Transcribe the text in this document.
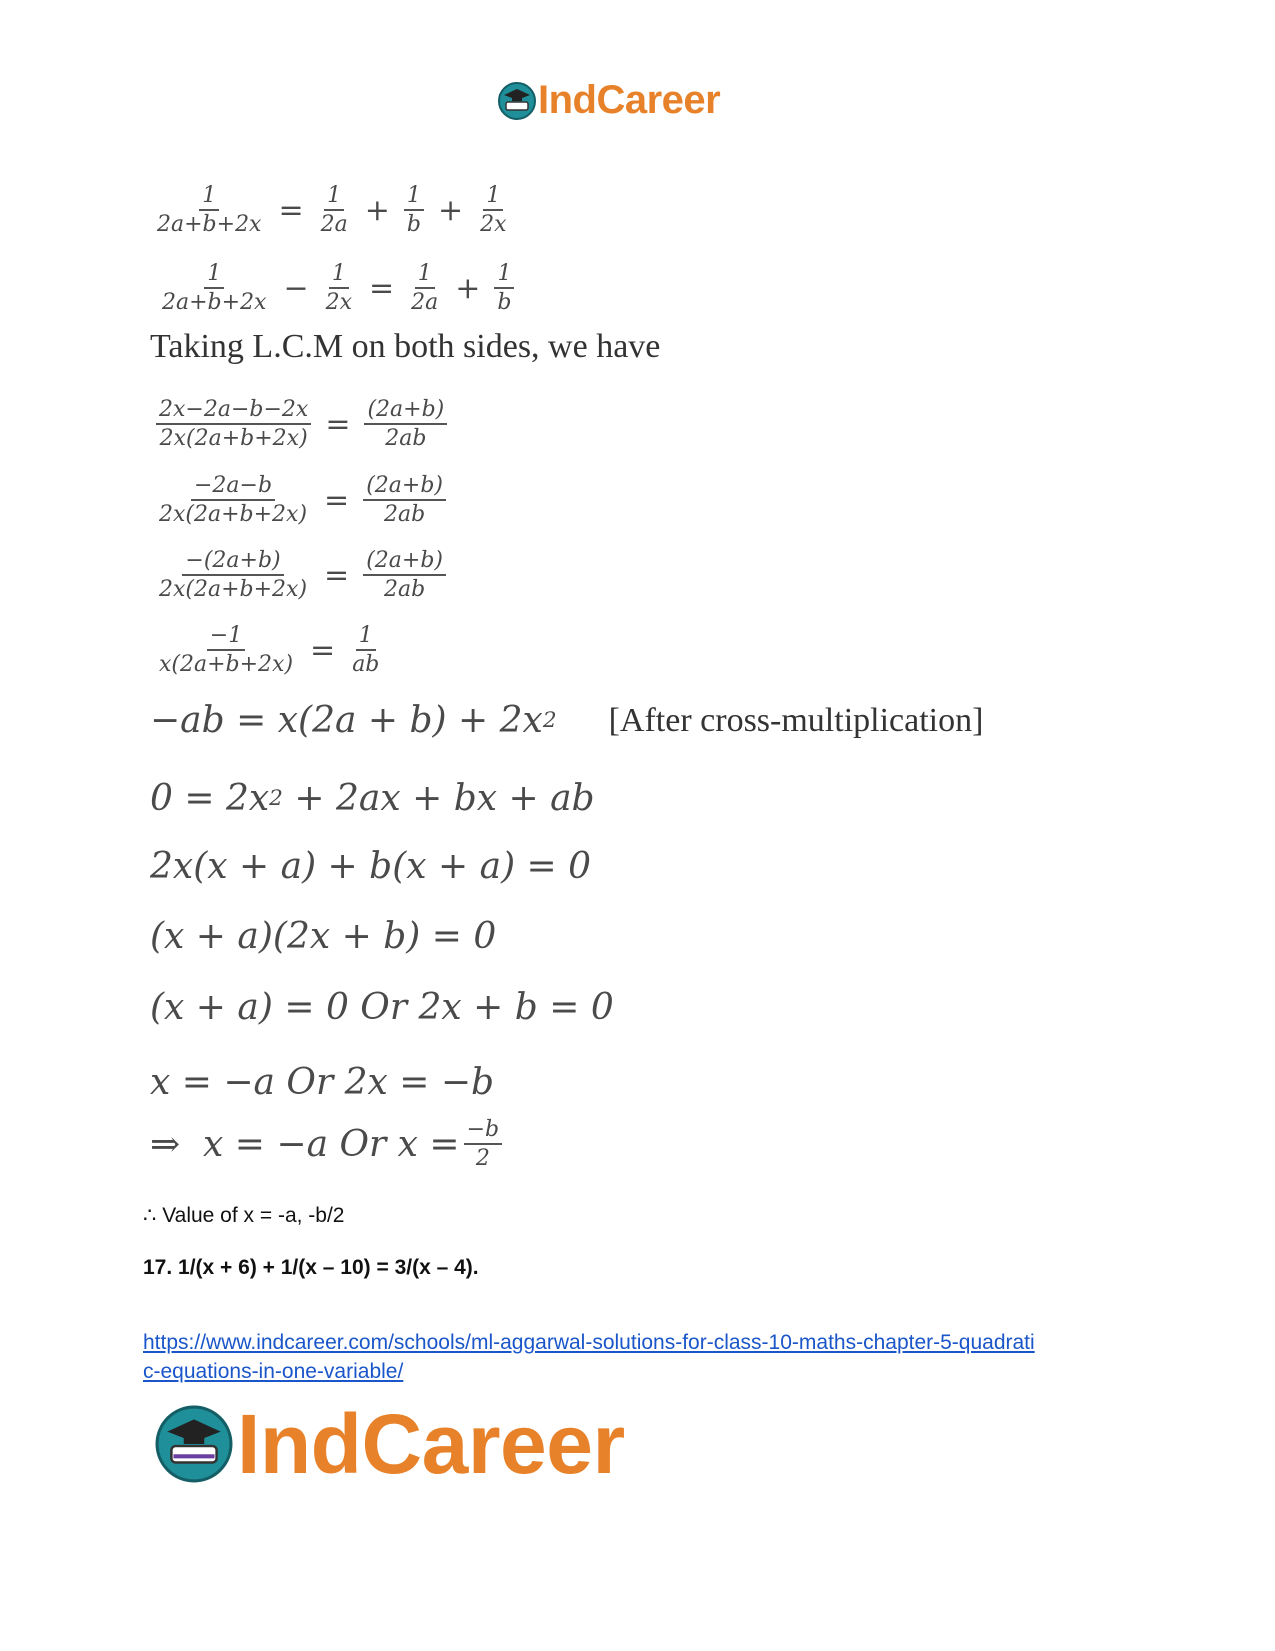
IndCareer
$\frac{1}{2a+b+2x} = \frac{1}{2a} + \frac{1}{b} + \frac{1}{2x}$
$\frac{1}{2a+b+2x} - \frac{1}{2x} = \frac{1}{2a} + \frac{1}{b}$
Taking L.C.M on both sides, we have
$\frac{2x-2a-b-2x}{2x(2a+b+2x)} = \frac{(2a+b)}{2ab}$
$\frac{-2a-b}{2x(2a+b+2x)} = \frac{(2a+b)}{2ab}$
$\frac{-(2a+b)}{2x(2a+b+2x)} = \frac{(2a+b)}{2ab}$
$\frac{-1}{x(2a+b+2x)} = \frac{1}{ab}$
−ab = x(2a + b) + 2x 2 [After cross-multiplication]
0 = 2x 2 + 2ax + bx + ab
2x(x + a) + b(x + a) = 0
(x + a)(2x + b) = 0
(x + a) = 0 Or 2x + b = 0
x = −a Or 2x = −b
⇒  x = −a Or $x = \frac{-b}{2}$
∴ Value of x = -a, -b/2
17. 1/(x + 6) + 1/(x – 10) = 3/(x – 4).
https://www.indcareer.com/schools/ml-aggarwal-solutions-for-class-10-maths-chapter-5-quadrati
c-equations-in-one-variable/
IndCareer
